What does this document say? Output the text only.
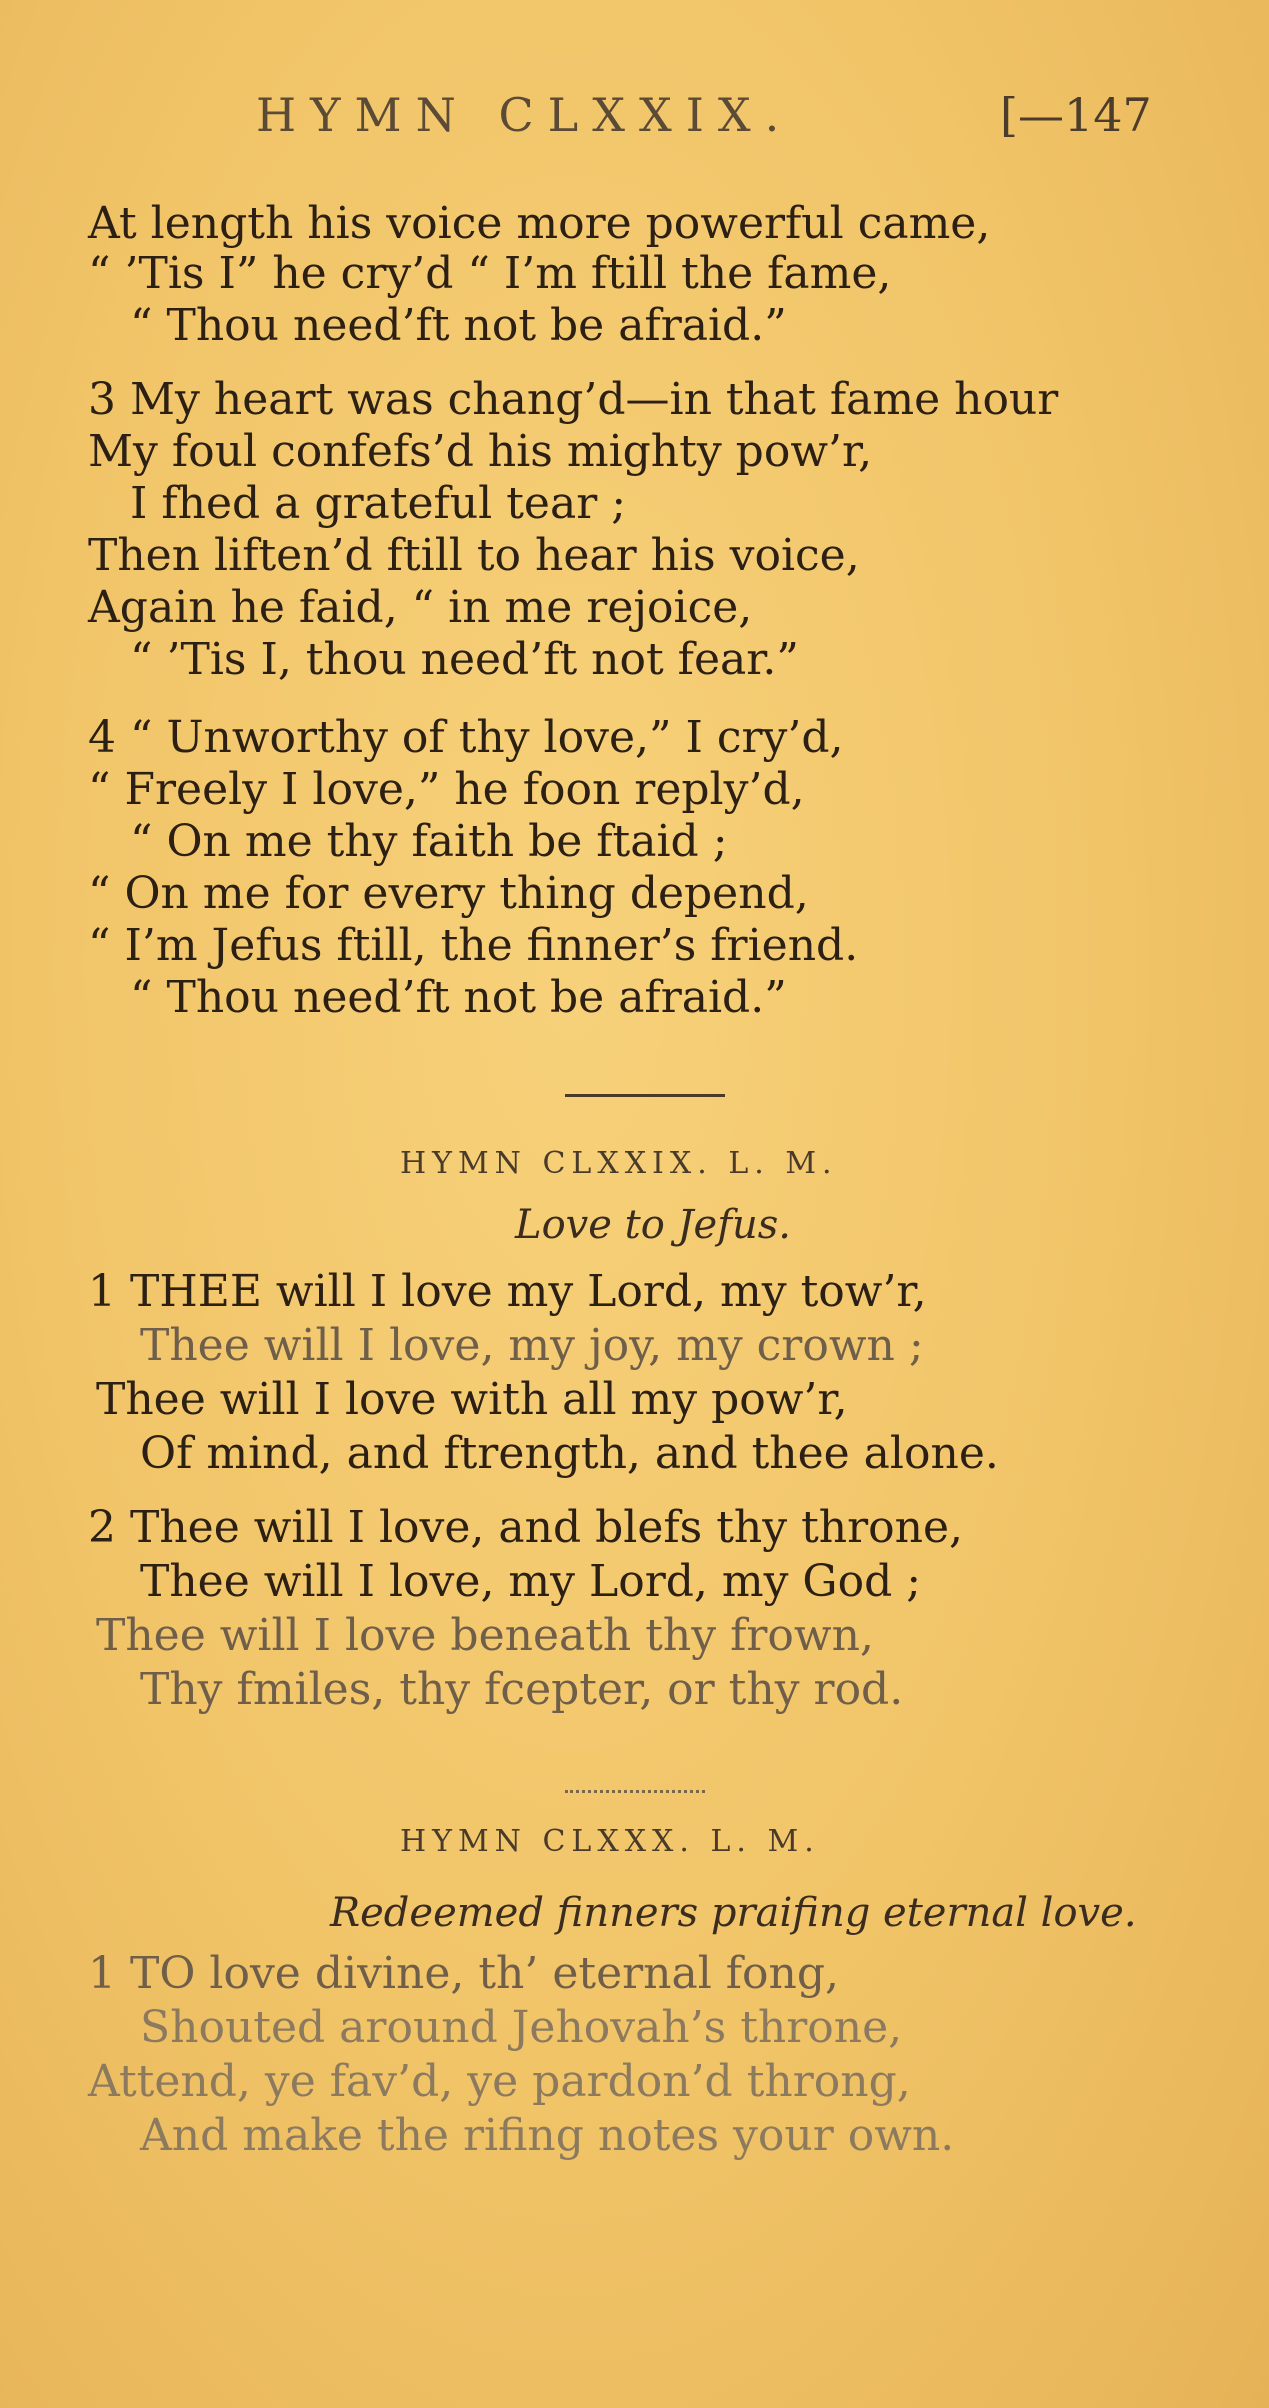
HYMN CLXXIX.	[—147
At length his voice more powerful came,
“ ’Tis I” he cry’d “ I’m ftill the fame,
“ Thou need’ft not be afraid.”
3 My heart was chang’d—in that fame hour
My foul confefs’d his mighty pow’r,
I fhed a grateful tear ;
Then liften’d ftill to hear his voice,
Again he faid, “ in me rejoice,
“ ’Tis I, thou need’ft not fear.”
4 “ Unworthy of thy love,” I cry’d,
“ Freely I love,” he foon reply’d,
“ On me thy faith be ftaid ;
“ On me for every thing depend,
“ I’m Jefus ftill, the finner’s friend.
“ Thou need’ft not be afraid.”
HYMN CLXXIX. L. M.
Love to Jefus.
1 THEE will I love my Lord, my tow’r,
Thee will I love, my joy, my crown ;
Thee will I love with all my pow’r,
Of mind, and ftrength, and thee alone.
2 Thee will I love, and blefs thy throne,
Thee will I love, my Lord, my God ;
Thee will I love beneath thy frown,
Thy fmiles, thy fcepter, or thy rod.
HYMN CLXXX. L. M.
Redeemed finners praifing eternal love.
1 TO love divine, th’ eternal fong,
Shouted around Jehovah’s throne,
Attend, ye fav’d, ye pardon’d throng,
And make the rifing notes your own.
